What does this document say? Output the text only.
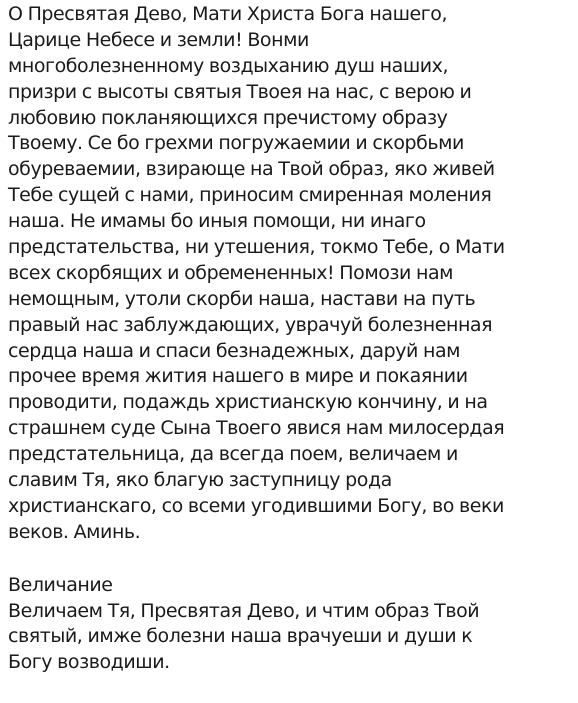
О Пресвятая Дево, Мати Христа Бога нашего,
Царице Небесе и земли! Вонми
многоболезненному воздыханию душ наших,
призри с высоты святыя Твоея на нас, с верою и
любовию покланяющихся пречистому образу
Твоему. Се бо грехми погружаемии и скорбьми
обуреваемии, взирающе на Твой образ, яко живей
Тебе сущей с нами, приносим смиренная моления
наша. Не имамы бо иныя помощи, ни инаго
предстательства, ни утешения, токмо Тебе, о Мати
всех скорбящих и обремененных! Помози нам
немощным, утоли скорби наша, настави на путь
правый нас заблуждающих, уврачуй болезненная
сердца наша и спаси безнадежных, даруй нам
прочее время жития нашего в мире и покаянии
проводити, подаждь христианскую кончину, и на
страшнем суде Сына Твоего явися нам милосердая
предстательница, да всегда поем, величаем и
славим Тя, яко благую заступницу рода
христианскаго, со всеми угодившими Богу, во веки
веков. Аминь.
Величание
Величаем Тя, Пресвятая Дево, и чтим образ Твой
святый, имже болезни наша врачуеши и души к
Богу возводиши.
